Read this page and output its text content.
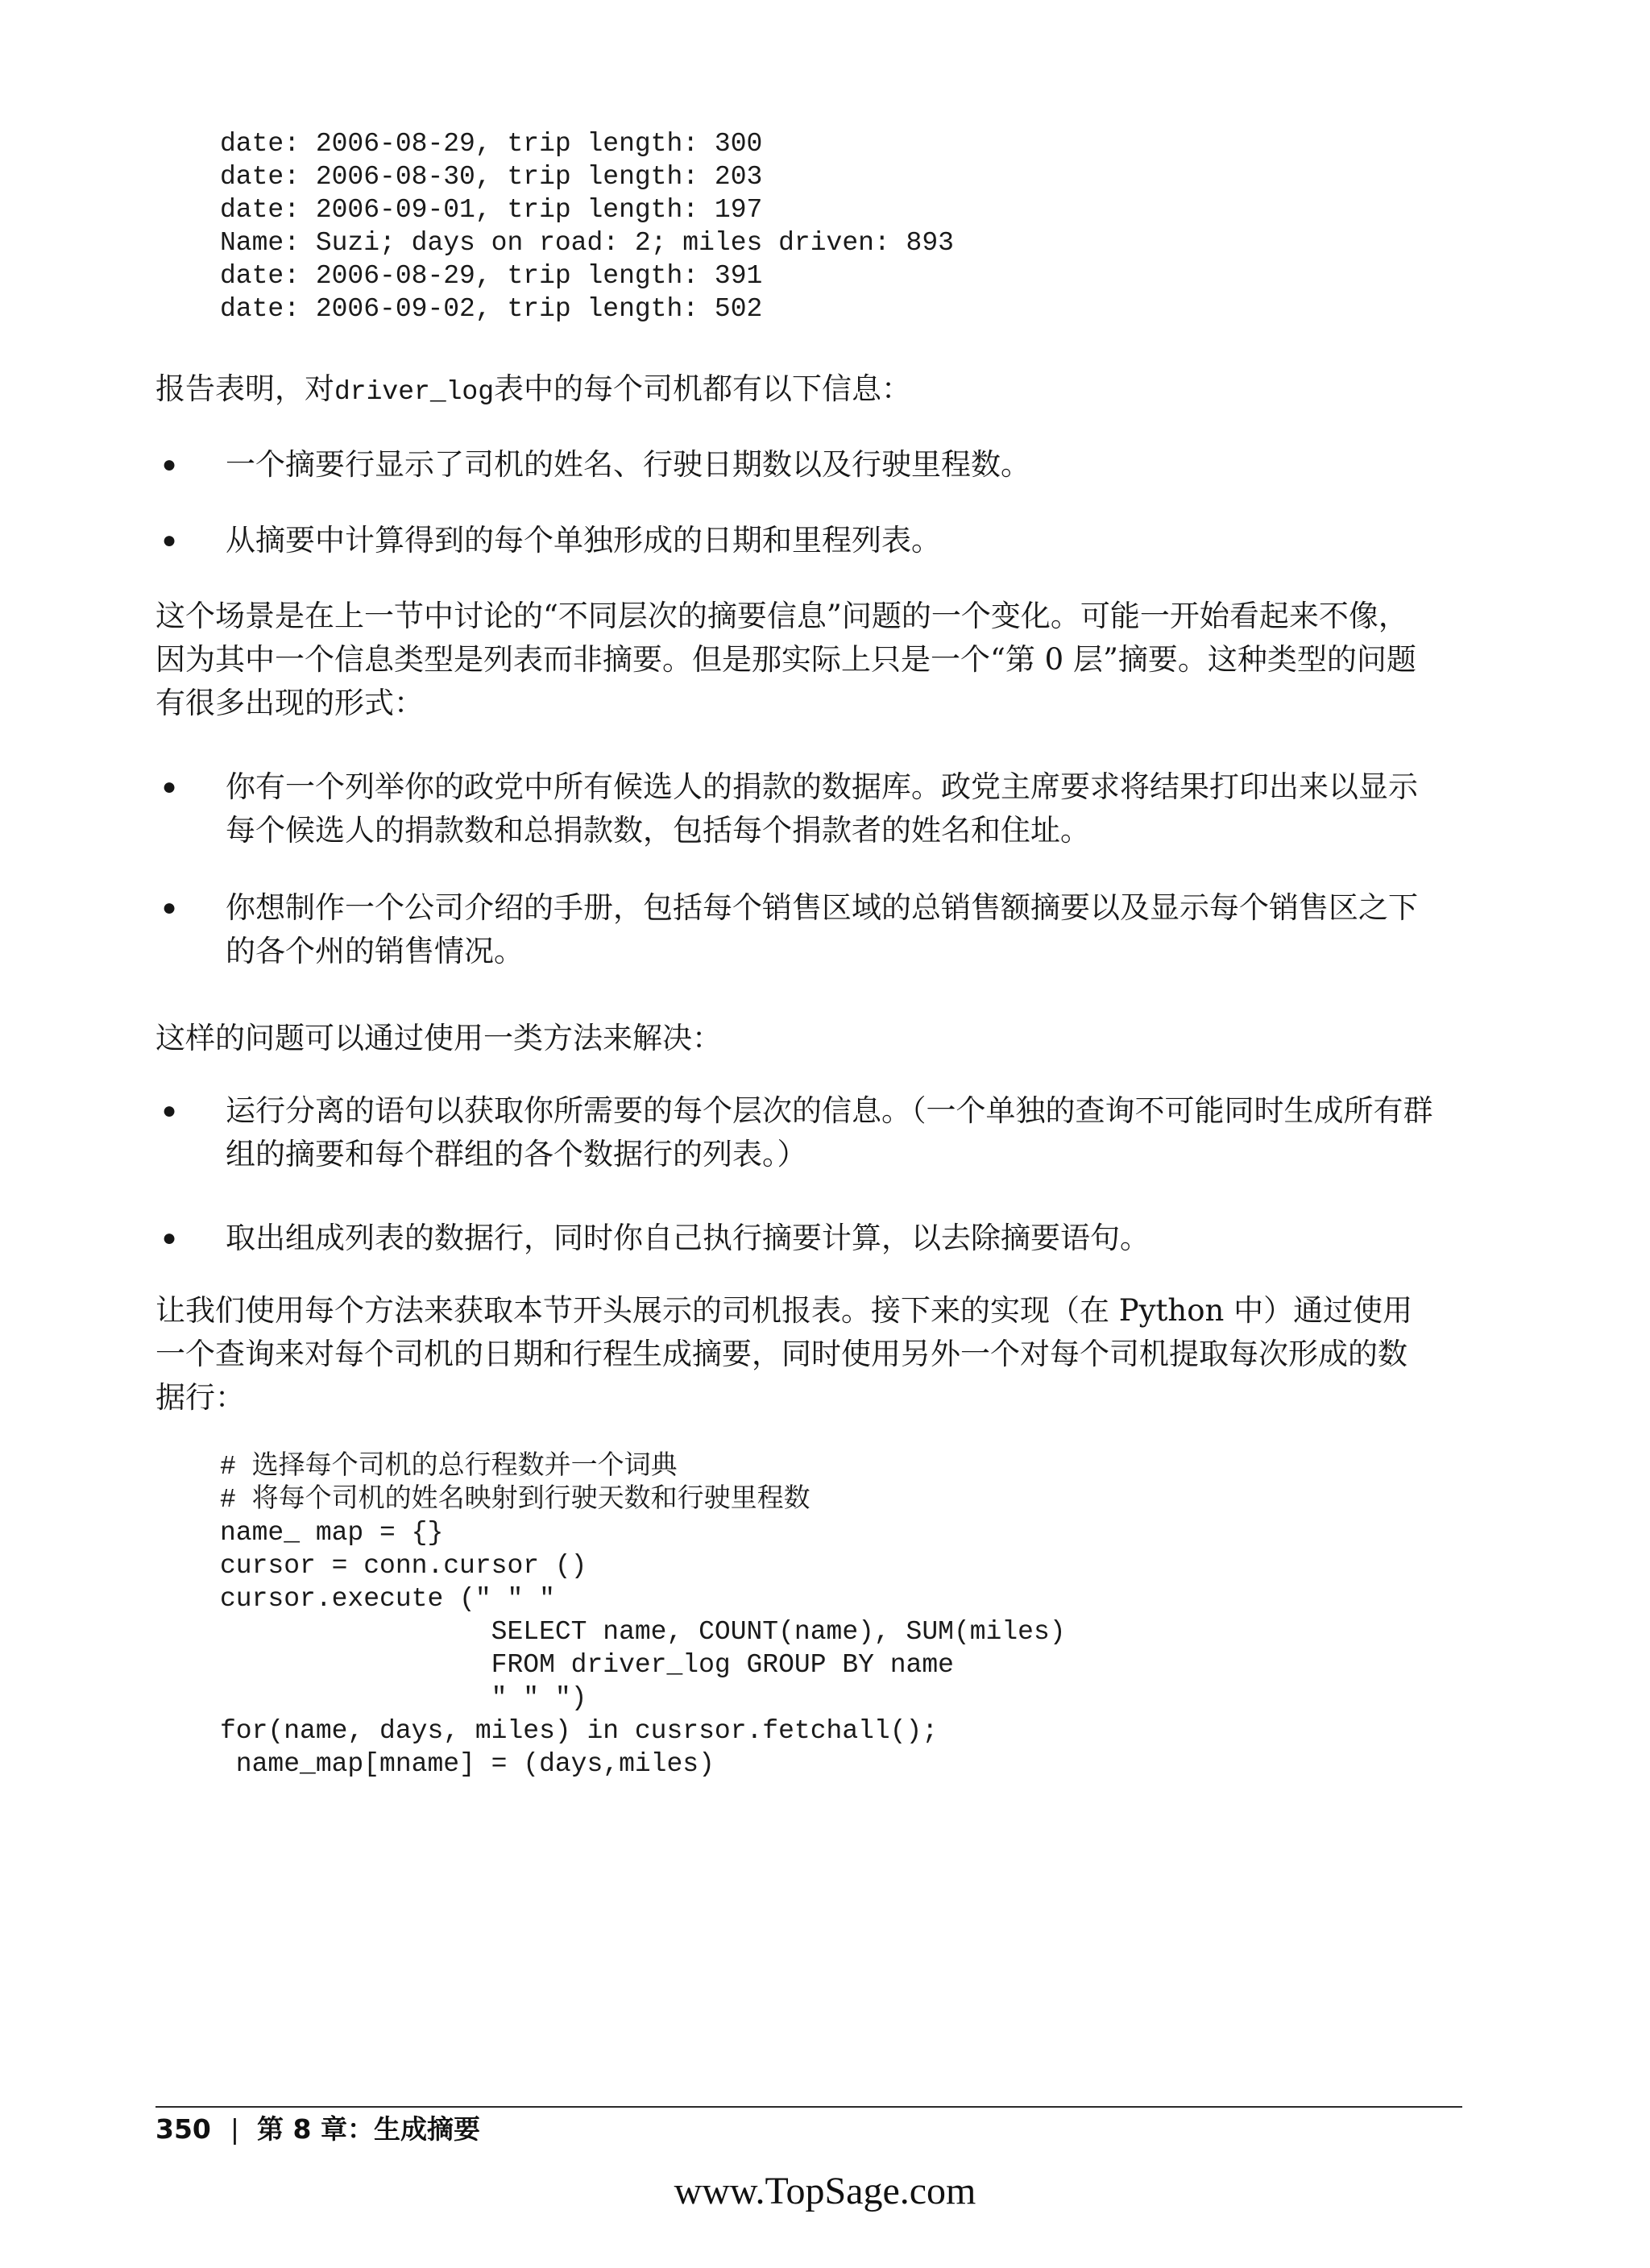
date: 2006-08-29, trip length: 300
date: 2006-08-30, trip length: 203
date: 2006-09-01, trip length: 197
Name: Suzi; days on road: 2; miles driven: 893
date: 2006-08-29, trip length: 391
date: 2006-09-02, trip length: 502

报告表明，对driver_log表中的每个司机都有以下信息：

●	一个摘要行显示了司机的姓名、行驶日期数以及行驶里程数。
●	从摘要中计算得到的每个单独形成的日期和里程列表。

这个场景是在上一节中讨论的“不同层次的摘要信息”问题的一个变化。可能一开始看起来不像，因为其中一个信息类型是列表而非摘要。但是那实际上只是一个“第 0 层”摘要。这种类型的问题有很多出现的形式：

●	你有一个列举你的政党中所有候选人的捐款的数据库。政党主席要求将结果打印出来以显示每个候选人的捐款数和总捐款数，包括每个捐款者的姓名和住址。
●	你想制作一个公司介绍的手册，包括每个销售区域的总销售额摘要以及显示每个销售区之下的各个州的销售情况。

这样的问题可以通过使用一类方法来解决：

●	运行分离的语句以获取你所需要的每个层次的信息。（一个单独的查询不可能同时生成所有群组的摘要和每个群组的各个数据行的列表。）
●	取出组成列表的数据行，同时你自己执行摘要计算，以去除摘要语句。

让我们使用每个方法来获取本节开头展示的司机报表。接下来的实现（在 Python 中）通过使用一个查询来对每个司机的日期和行程生成摘要，同时使用另外一个对每个司机提取每次形成的数据行：

# 选择每个司机的总行程数并一个词典
# 将每个司机的姓名映射到行驶天数和行驶里程数
name_ map = {}
cursor = conn.cursor ()
cursor.execute (" " "
SELECT name, COUNT(name), SUM(miles)
FROM driver_log GROUP BY name
" " ")
for(name, days, miles) in cusrsor.fetchall();
name_map[mname] = (days,miles)
350 | 第 8 章：生成摘要
www.TopSage.com
